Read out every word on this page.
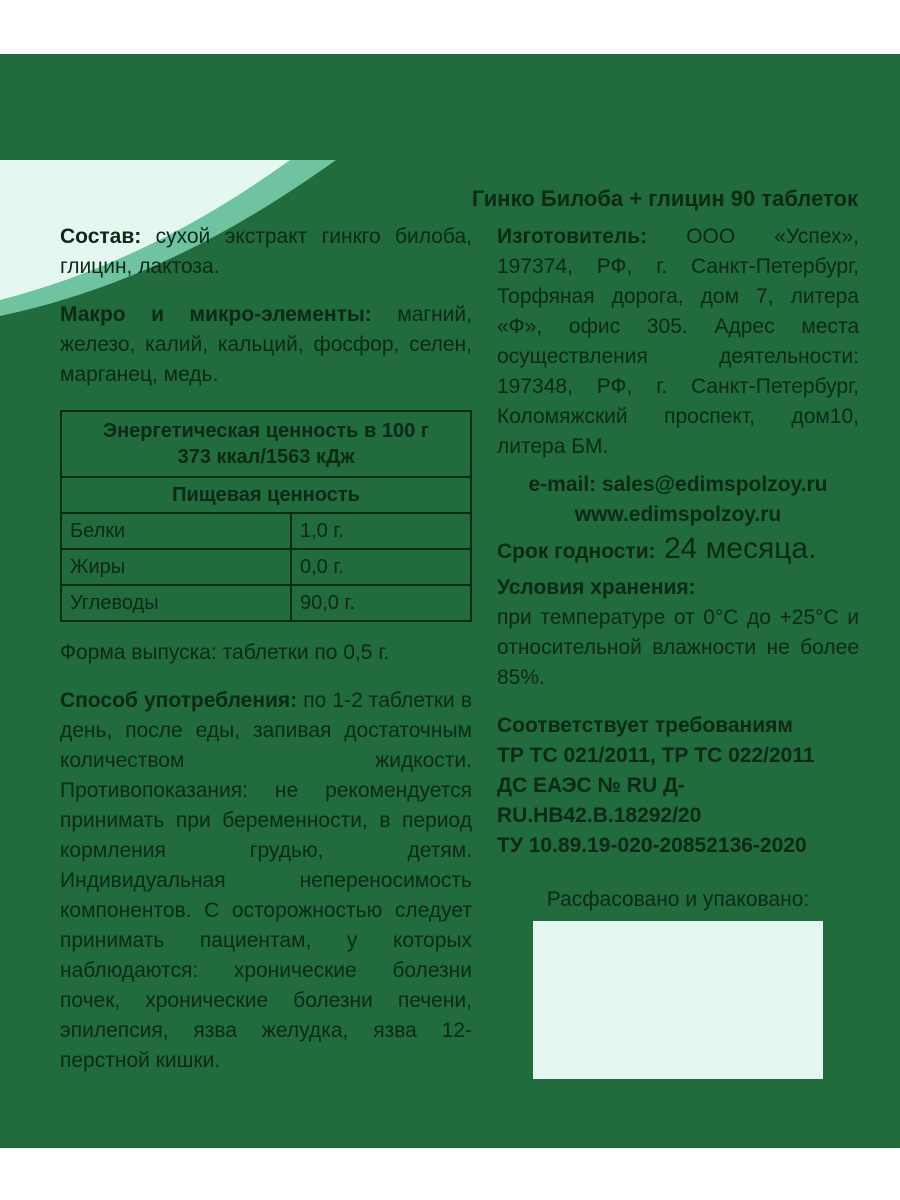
Гинко Билоба + глицин 90 таблеток

Состав: сухой экстракт гинкго билоба, глицин, лактоза.

Макро и микро-элементы: магний, железо, калий, кальций, фосфор, селен, марганец, медь.

Энергетическая ценность в 100 г
373 ккал/1563 кДж	

Пищевая ценность	
Белки	1,0 г.
Жиры	0,0 г.
Углеводы	90,0 г.

Форма выпуска: таблетки по 0,5 г.

Способ употребления: по 1-2 таблетки в день, после еды, запивая достаточным количеством жидкости. Противопоказания: не рекомендуется принимать при беременности, в период кормления грудью, детям. Индивидуальная непереносимость компонентов. С осторожностью следует принимать пациентам, у которых наблюдаются: хронические болезни почек, хронические болезни печени, эпилепсия, язва желудка, язва 12-перстной кишки.

Изготовитель: ООО «Успех», 197374, РФ, г. Санкт-Петербург, Торфяная дорога, дом 7, литера «Ф», офис 305. Адрес места осуществления деятельности: 197348, РФ, г. Санкт-Петербург, Коломяжский проспект, дом10, литера БМ.

e-mail: sales@edimspolzoy.ru
www.edimspolzoy.ru
Срок годности: 24 месяца.
Условия хранения:

при температуре от 0°С до +25°С и относительной влажности не более 85%.

Соответствует требованиям
ТР ТС 021/2011, ТР ТС 022/2011
ДС ЕАЭС № RU Д-RU.НВ42.В.18292/20
ТУ 10.89.19-020-20852136-2020
Расфасовано и упаковано:
